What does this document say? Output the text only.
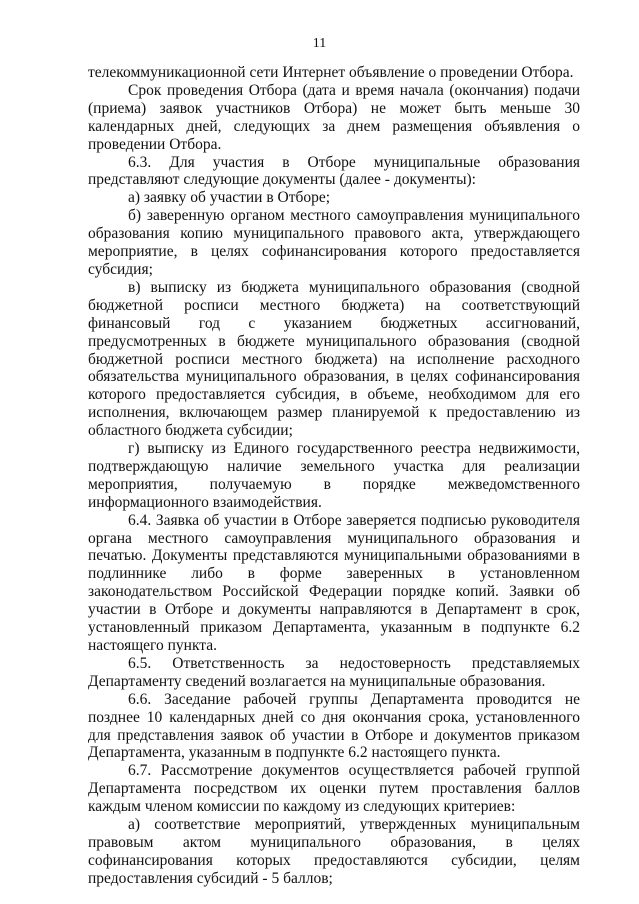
11

телекоммуникационной сети Интернет объявление о проведении Отбора.

Срок проведения Отбора (дата и время начала (окончания) подачи (приема) заявок участников Отбора) не может быть меньше 30 календарных дней, следующих за днем размещения объявления о проведении Отбора.

6.3. Для участия в Отборе муниципальные образования представляют следующие документы (далее - документы):

а) заявку об участии в Отборе;

б) заверенную органом местного самоуправления муниципального образования копию муниципального правового акта, утверждающего мероприятие, в целях софинансирования которого предоставляется субсидия;

в) выписку из бюджета муниципального образования (сводной бюджетной росписи местного бюджета) на соответствующий финансовый год с указанием бюджетных ассигнований, предусмотренных в бюджете муниципального образования (сводной бюджетной росписи местного бюджета) на исполнение расходного обязательства муниципального образования, в целях софинансирования которого предоставляется субсидия, в объеме, необходимом для его исполнения, включающем размер планируемой к предоставлению из областного бюджета субсидии;

г) выписку из Единого государственного реестра недвижимости, подтверждающую наличие земельного участка для реализации мероприятия, получаемую в порядке межведомственного информационного взаимодействия.

6.4. Заявка об участии в Отборе заверяется подписью руководителя органа местного самоуправления муниципального образования и печатью. Документы представляются муниципальными образованиями в подлиннике либо в форме заверенных в установленном законодательством Российской Федерации порядке копий. Заявки об участии в Отборе и документы направляются в Департамент в срок, установленный приказом Департамента, указанным в подпункте 6.2 настоящего пункта.

6.5. Ответственность за недостоверность представляемых Департаменту сведений возлагается на муниципальные образования.

6.6. Заседание рабочей группы Департамента проводится не позднее 10 календарных дней со дня окончания срока, установленного для представления заявок об участии в Отборе и документов приказом Департамента, указанным в подпункте 6.2 настоящего пункта.

6.7. Рассмотрение документов осуществляется рабочей группой Департамента посредством их оценки путем проставления баллов каждым членом комиссии по каждому из следующих критериев:

а) соответствие мероприятий, утвержденных муниципальным правовым актом муниципального образования, в целях софинансирования которых предоставляются субсидии, целям предоставления субсидий - 5 баллов;
